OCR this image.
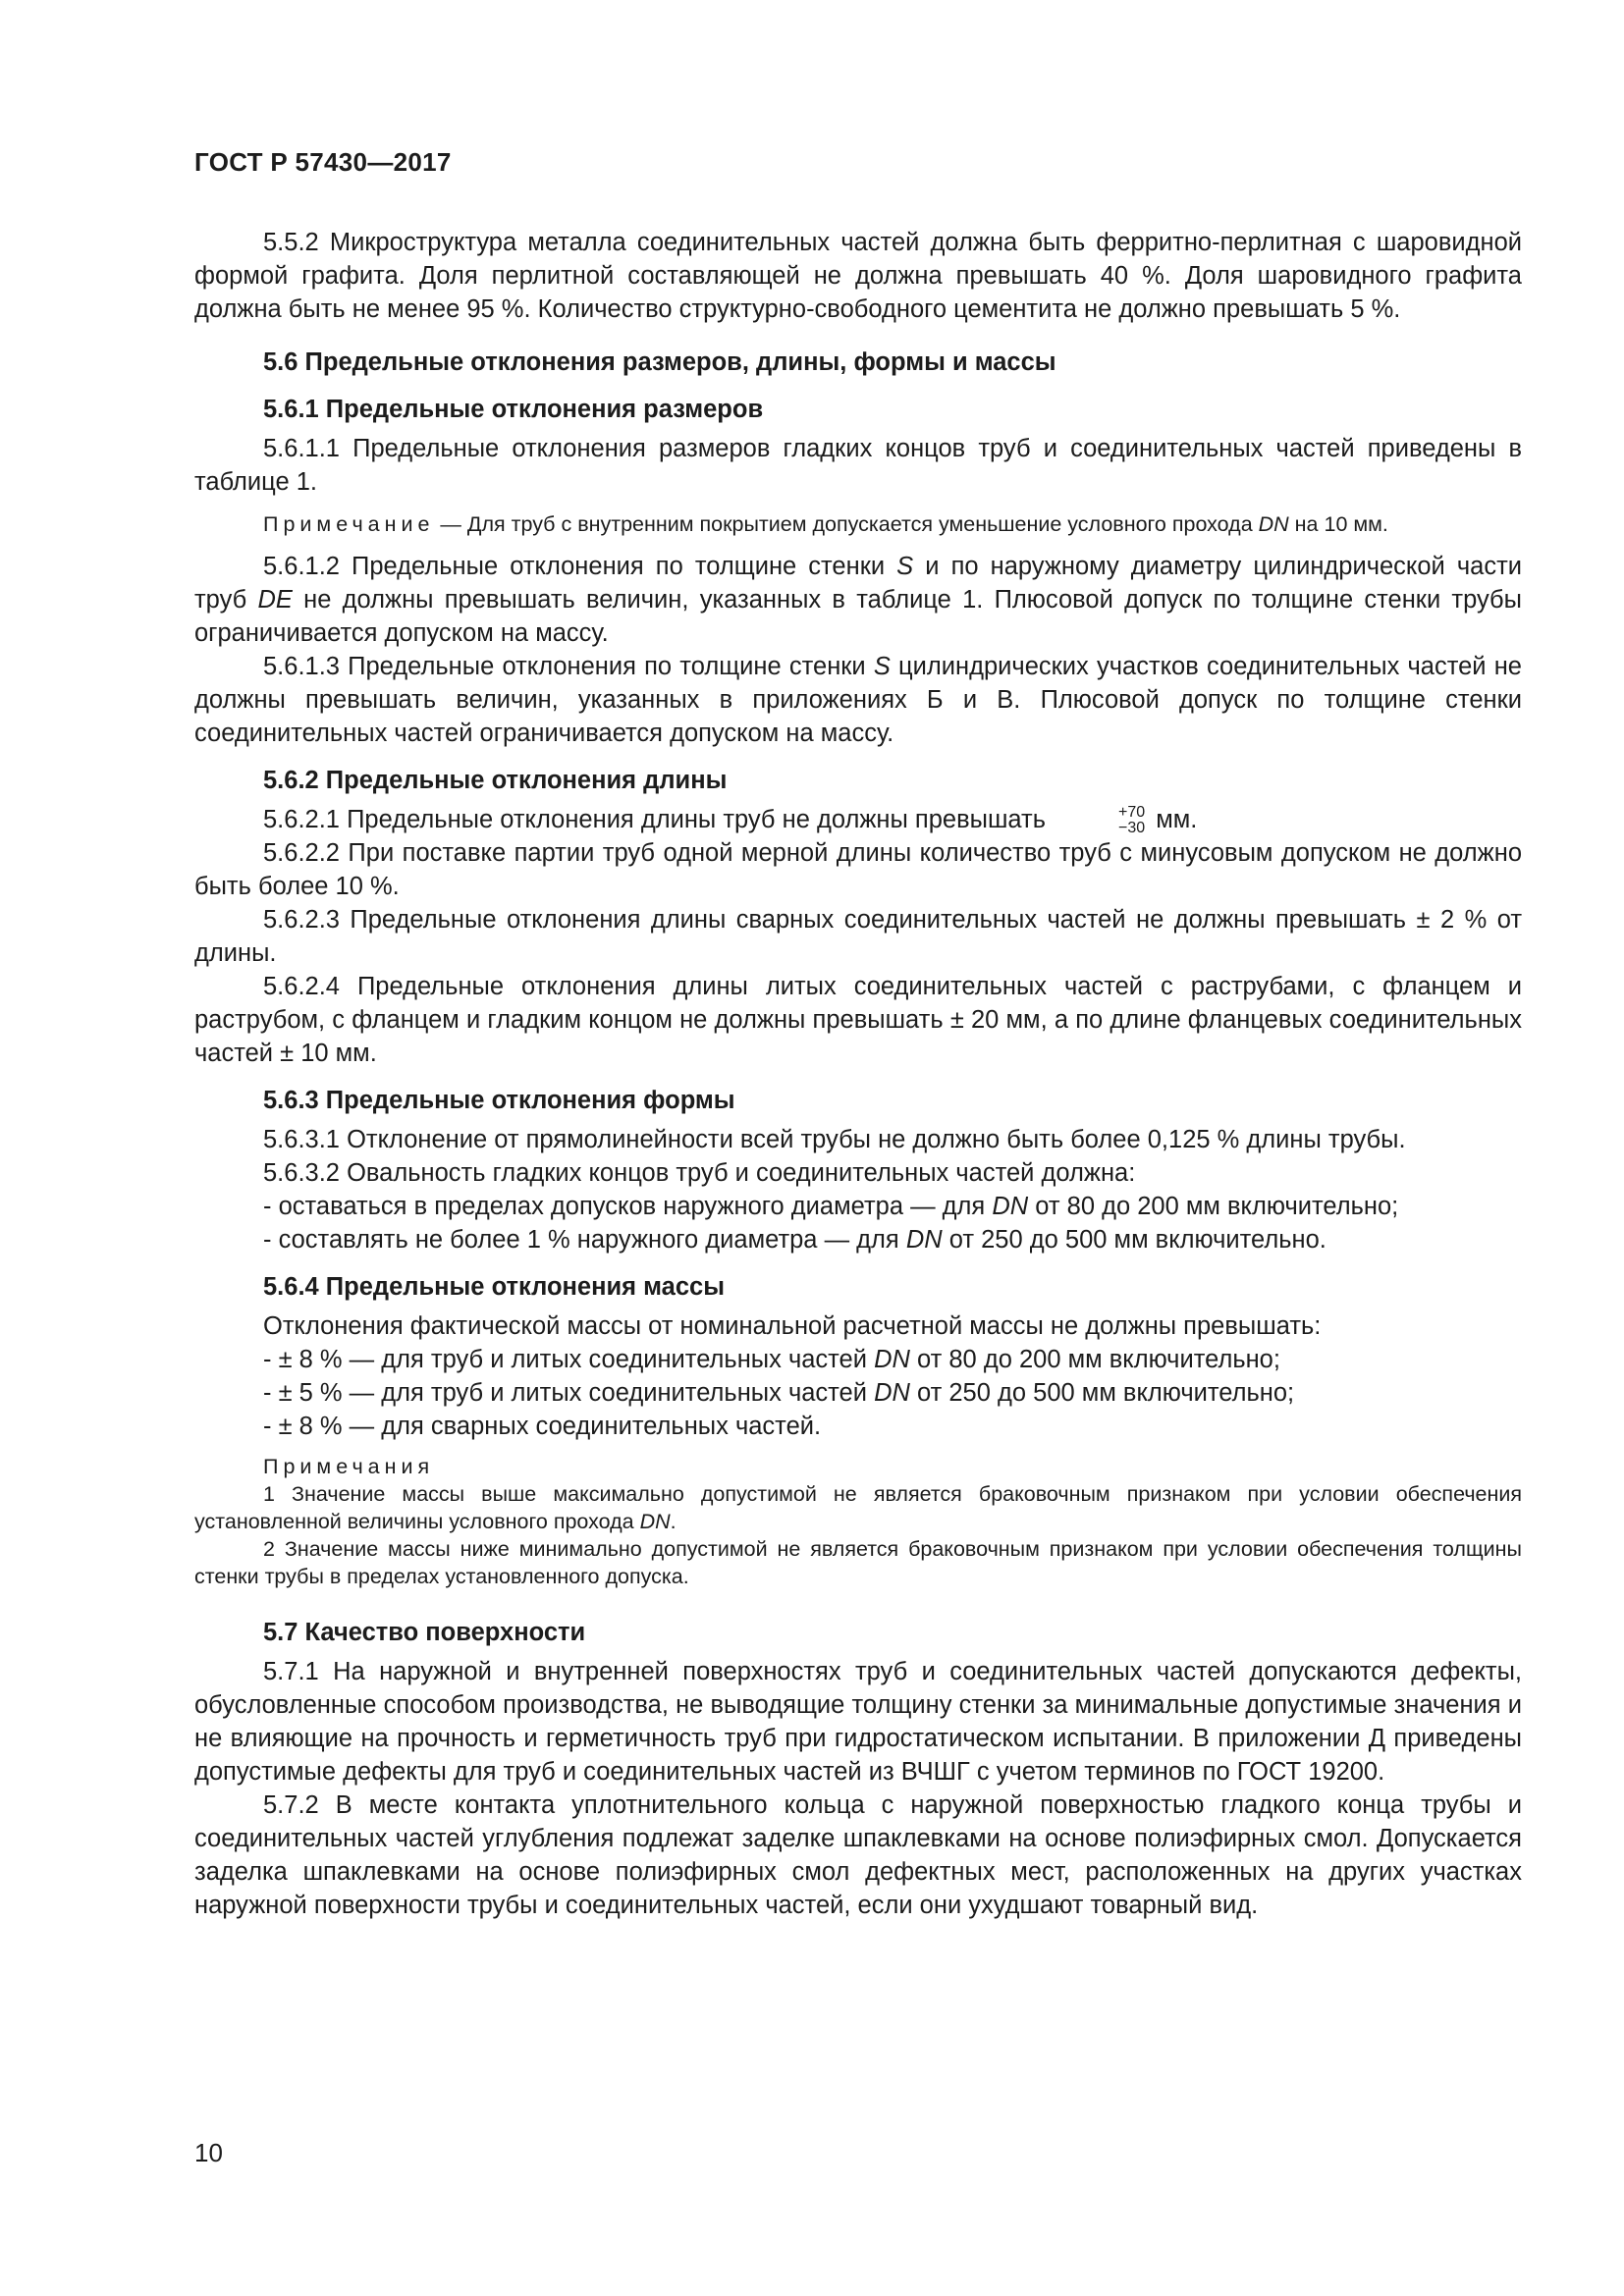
ГОСТ Р 57430—2017

5.5.2 Микроструктура металла соединительных частей должна быть ферритно-перлитная с шаровидной формой графита. Доля перлитной составляющей не должна превышать 40 %. Доля шаровидного графита должна быть не менее 95 %. Количество структурно-свободного цементита не должно превышать 5 %.

5.6 Предельные отклонения размеров, длины, формы и массы

5.6.1 Предельные отклонения размеров

5.6.1.1 Предельные отклонения размеров гладких концов труб и соединительных частей приведены в таблице 1.

Примечание — Для труб с внутренним покрытием допускается уменьшение условного прохода DN на 10 мм.

5.6.1.2 Предельные отклонения по толщине стенки S и по наружному диаметру цилиндрической части труб DE не должны превышать величин, указанных в таблице 1. Плюсовой допуск по толщине стенки трубы ограничивается допуском на массу.

5.6.1.3 Предельные отклонения по толщине стенки S цилиндрических участков соединительных частей не должны превышать величин, указанных в приложениях Б и В. Плюсовой допуск по толщине стенки соединительных частей ограничивается допуском на массу.

5.6.2 Предельные отклонения длины

5.6.2.1 Предельные отклонения длины труб не должны превышать	+70
−30 мм.

5.6.2.2 При поставке партии труб одной мерной длины количество труб с минусовым допуском не должно быть более 10 %.

5.6.2.3 Предельные отклонения длины сварных соединительных частей не должны превышать ± 2 % от длины.

5.6.2.4 Предельные отклонения длины литых соединительных частей с раструбами, с фланцем и раструбом, с фланцем и гладким концом не должны превышать ± 20 мм, а по длине фланцевых соединительных частей ± 10 мм.

5.6.3 Предельные отклонения формы

5.6.3.1 Отклонение от прямолинейности всей трубы не должно быть более 0,125 % длины трубы.

5.6.3.2 Овальность гладких концов труб и соединительных частей должна:

- оставаться в пределах допусков наружного диаметра — для DN от 80 до 200 мм включительно;

- составлять не более 1 % наружного диаметра — для DN от 250 до 500 мм включительно.

5.6.4 Предельные отклонения массы

Отклонения фактической массы от номинальной расчетной массы не должны превышать:

- ± 8 % — для труб и литых соединительных частей DN от 80 до 200 мм включительно;

- ± 5 % — для труб и литых соединительных частей DN от 250 до 500 мм включительно;

- ± 8 % — для сварных соединительных частей.

Примечания

1 Значение массы выше максимально допустимой не является браковочным признаком при условии обеспечения установленной величины условного прохода DN.

2 Значение массы ниже минимально допустимой не является браковочным признаком при условии обеспечения толщины стенки трубы в пределах установленного допуска.

5.7 Качество поверхности

5.7.1 На наружной и внутренней поверхностях труб и соединительных частей допускаются дефекты, обусловленные способом производства, не выводящие толщину стенки за минимальные допустимые значения и не влияющие на прочность и герметичность труб при гидростатическом испытании. В приложении Д приведены допустимые дефекты для труб и соединительных частей из ВЧШГ с учетом терминов по ГОСТ 19200.

5.7.2 В месте контакта уплотнительного кольца с наружной поверхностью гладкого конца трубы и соединительных частей углубления подлежат заделке шпаклевками на основе полиэфирных смол. Допускается заделка шпаклевками на основе полиэфирных смол дефектных мест, расположенных на других участках наружной поверхности трубы и соединительных частей, если они ухудшают товарный вид.

10
